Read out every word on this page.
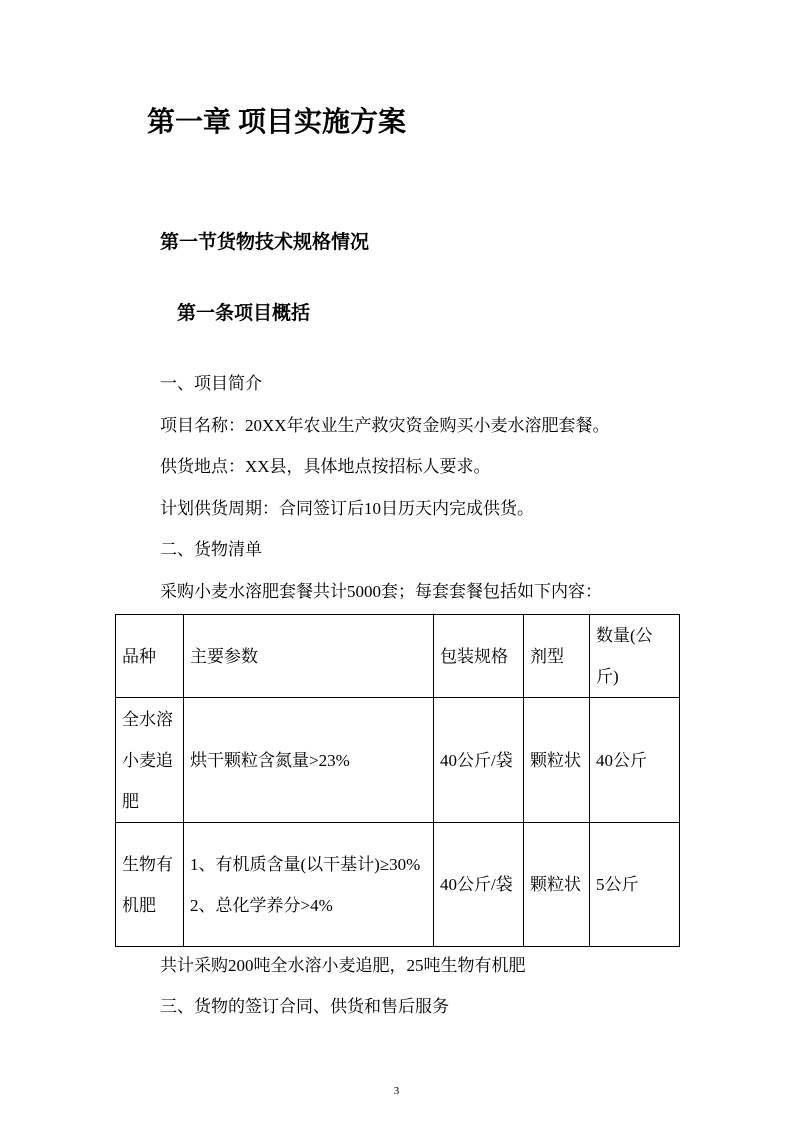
第一章 项目实施方案
第一节货物技术规格情况
第一条项目概括
一、项目简介
项目名称：20XX年农业生产救灾资金购买小麦水溶肥套餐。
供货地点：XX县，具体地点按招标人要求。
计划供货周期：合同签订后10日历天内完成供货。
二、货物清单
采购小麦水溶肥套餐共计5000套；每套套餐包括如下内容：
品种	主要参数	包装规格	剂型	数量(公斤)
全水溶小麦追肥	烘干颗粒含氮量>23%	40公斤/袋	颗粒状	40公斤
生物有机肥	1、有机质含量(以干基计)≥30%
2、总化学养分>4%	40公斤/袋	颗粒状	5公斤
共计采购200吨全水溶小麦追肥，25吨生物有机肥
三、货物的签订合同、供货和售后服务
3
